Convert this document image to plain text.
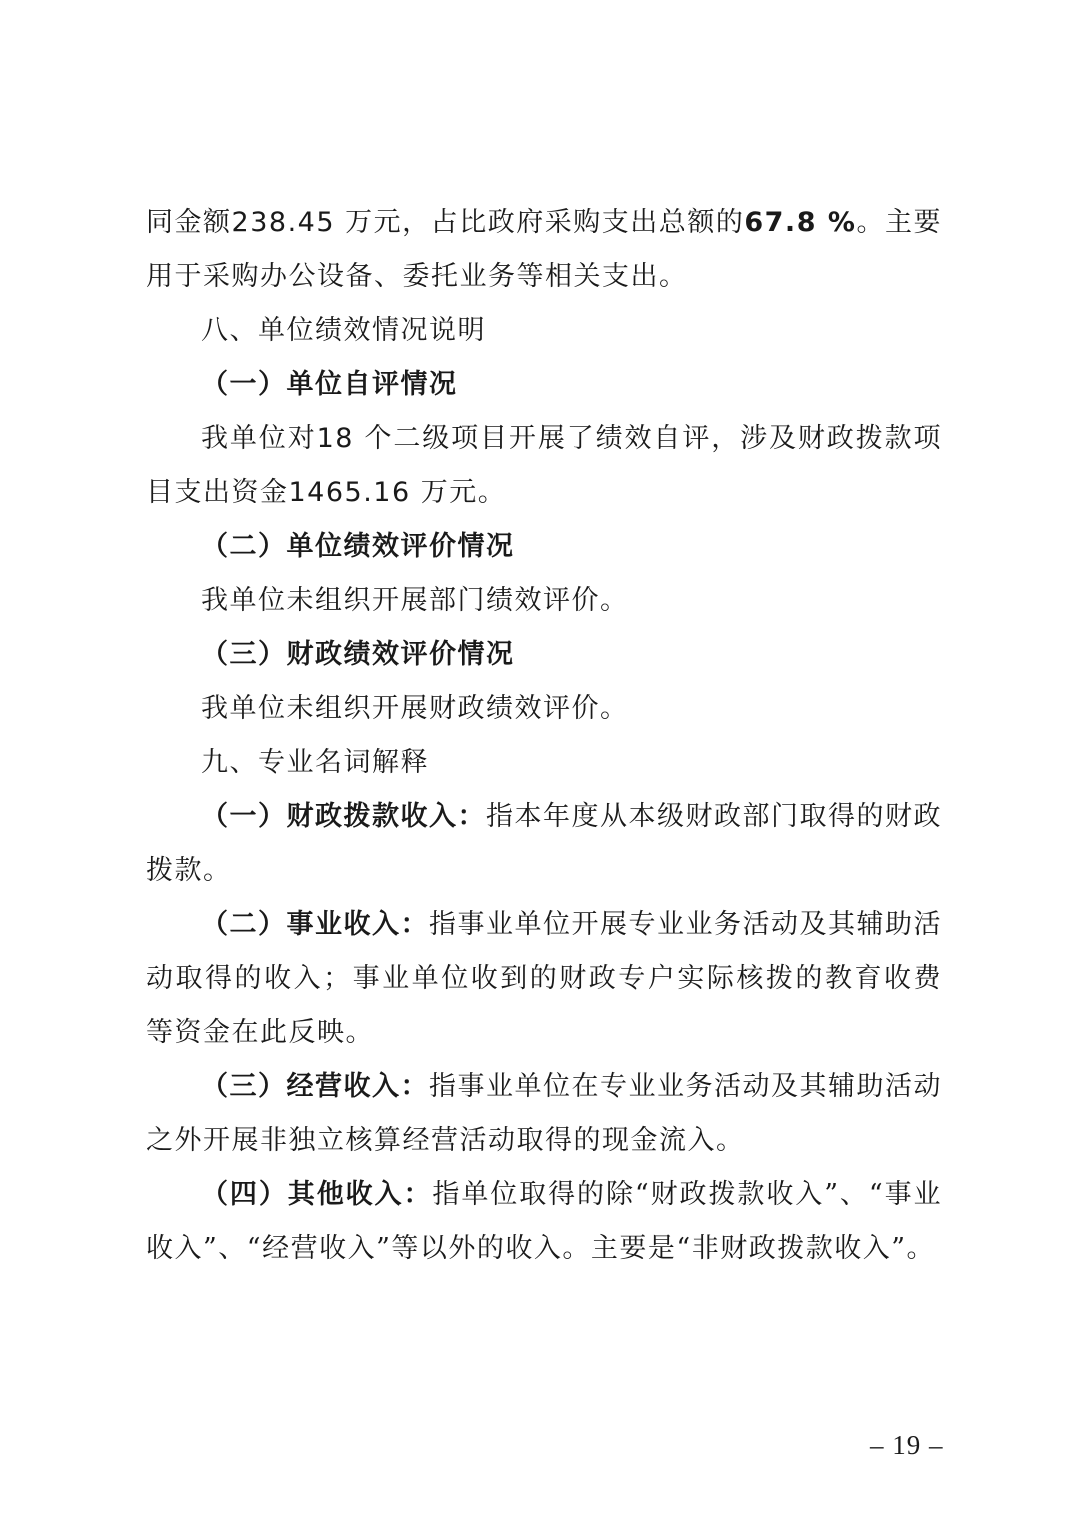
同金额238.45 万元，占比政府采购支出总额的67.8 %。主要用于采购办公设备、委托业务等相关支出。

八、单位绩效情况说明

（一）单位自评情况

我单位对18 个二级项目开展了绩效自评，涉及财政拨款项目支出资金1465.16 万元。

（二）单位绩效评价情况

我单位未组织开展部门绩效评价。

（三）财政绩效评价情况

我单位未组织开展财政绩效评价。

九、专业名词解释

（一）财政拨款收入：指本年度从本级财政部门取得的财政拨款。

（二）事业收入：指事业单位开展专业业务活动及其辅助活动取得的收入；事业单位收到的财政专户实际核拨的教育收费等资金在此反映。

（三）经营收入：指事业单位在专业业务活动及其辅助活动之外开展非独立核算经营活动取得的现金流入。

（四）其他收入：指单位取得的除“财政拨款收入”、“事业收入”、“经营收入”等以外的收入。主要是“非财政拨款收入”。

– 19 –
